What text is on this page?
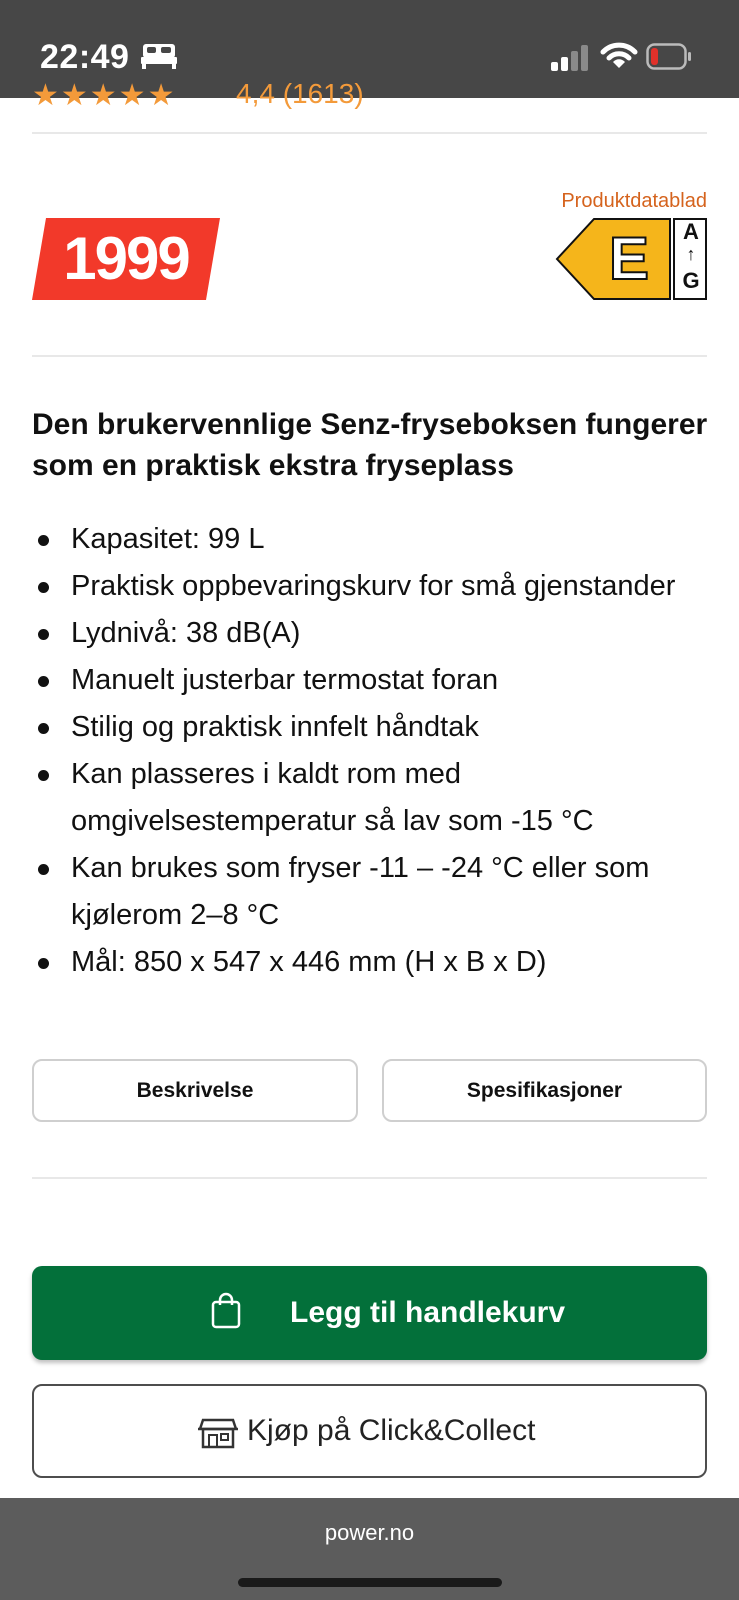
22:49
★★★★★ 4,4 (1613)
1999
Produktdatablad
E	A
↑
G
Den brukervennlige Senz-fryseboksen fungerer som en praktisk ekstra fryseplass
Kapasitet: 99 L
Praktisk oppbevaringskurv for små gjenstander
Lydnivå: 38 dB(A)
Manuelt justerbar termostat foran
Stilig og praktisk innfelt håndtak
Kan plasseres i kaldt rom med omgivelsestemperatur så lav som -15 °C
Kan brukes som fryser -11 – -24 °C eller som kjølerom 2–8 °C
Mål: 850 x 547 x 446 mm (H x B x D)
Beskrivelse	Spesifikasjoner
Legg til handlekurv
Kjøp på Click&Collect
power.no
